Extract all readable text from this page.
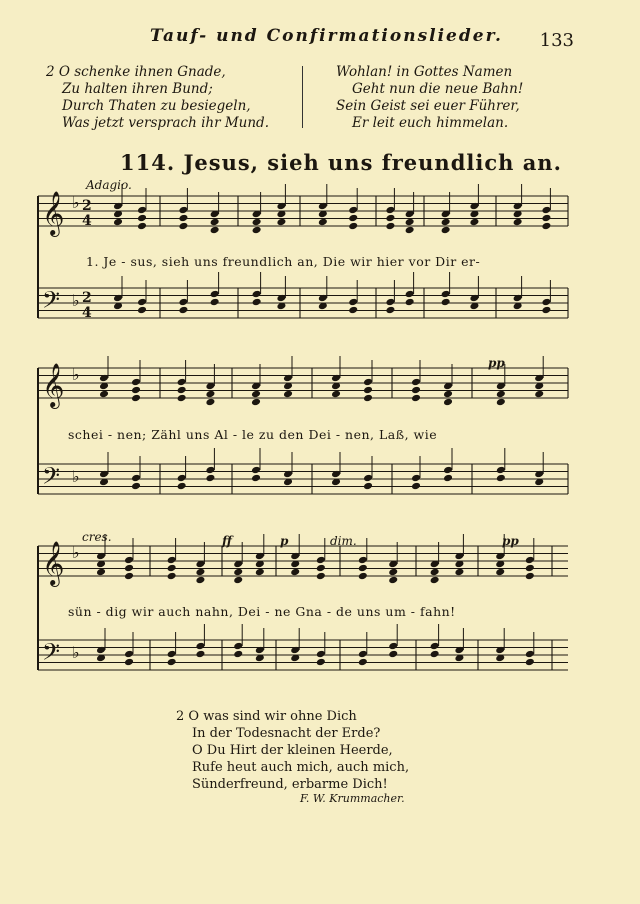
Tauf- und Confirmationslieder. 133
2 O schenke ihnen Gnade,
Zu halten ihren Bund;
Durch Thaten zu besiegeln,
Was jetzt versprach ihr Mund.
Wohlan! in Gottes Namen
Geht nun die neue Bahn!
Sein Geist sei euer Führer,
Er leit euch himmelan.
114. Jesus, sieh uns freundlich an.
Adagio.
𝄞 ♭ 2
4
𝄢 ♭ 2
4
𝄞 ♭
𝄢 ♭
𝄞 ♭
𝄢 ♭
1. Je - sus, sieh uns freundlich an, Die wir hier vor Dir er-
schei - nen; Zähl uns Al - le zu den Dei - nen, Laß, wie
sün - dig wir auch nahn, Dei - ne Gna - de uns um - fahn!
pp
cres.	ff	p	dim.	pp
2 O was sind wir ohne Dich
In der Todesnacht der Erde?
O Du Hirt der kleinen Heerde,
Rufe heut auch mich, auch mich,
Sünderfreund, erbarme Dich!
F. W. Krummacher.
